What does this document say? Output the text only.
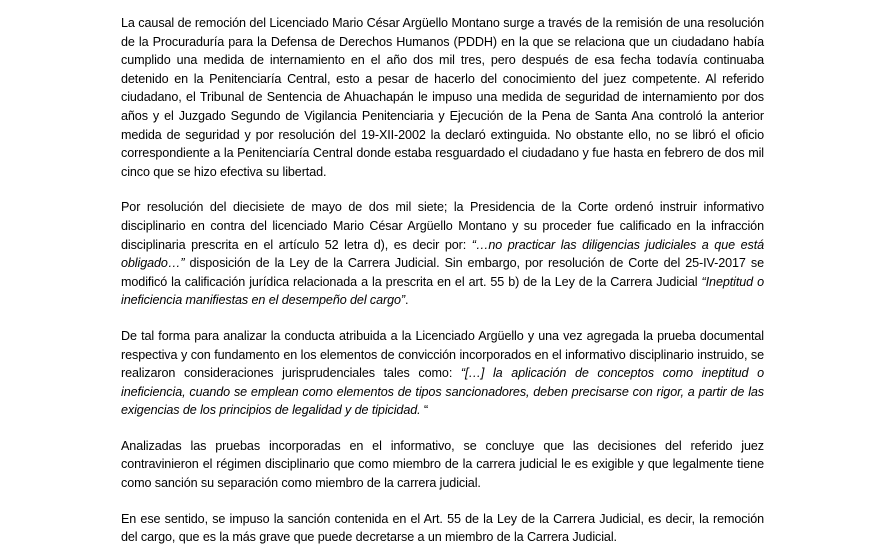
La causal de remoción del Licenciado Mario César Argüello Montano surge a través de la remisión de una resolución de la Procuraduría para la Defensa de Derechos Humanos (PDDH) en la que se relaciona que un ciudadano había cumplido una medida de internamiento en el año dos mil tres, pero después de esa fecha todavía continuaba detenido en la Penitenciaría Central, esto a pesar de hacerlo del conocimiento del juez competente. Al referido ciudadano, el Tribunal de Sentencia de Ahuachapán le impuso una medida de seguridad de internamiento por dos años y el Juzgado Segundo de Vigilancia Penitenciaria y Ejecución de la Pena de Santa Ana controló la anterior medida de seguridad y por resolución del 19-XII-2002 la declaró extinguida. No obstante ello, no se libró el oficio correspondiente a la Penitenciaría Central donde estaba resguardado el ciudadano y fue hasta en febrero de dos mil cinco que se hizo efectiva su libertad.

Por resolución del diecisiete de mayo de dos mil siete; la Presidencia de la Corte ordenó instruir informativo disciplinario en contra del licenciado Mario César Argüello Montano y su proceder fue calificado en la infracción disciplinaria prescrita en el artículo 52 letra d), es decir por: “…no practicar las diligencias judiciales a que está obligado…” disposición de la Ley de la Carrera Judicial. Sin embargo, por resolución de Corte del 25-IV-2017 se modificó la calificación jurídica relacionada a la prescrita en el art. 55 b) de la Ley de la Carrera Judicial “Ineptitud o ineficiencia manifiestas en el desempeño del cargo”.

De tal forma para analizar la conducta atribuida a la Licenciado Argüello y una vez agregada la prueba documental respectiva y con fundamento en los elementos de convicción incorporados en el informativo disciplinario instruido, se realizaron consideraciones jurisprudenciales tales como: “[…] la aplicación de conceptos como ineptitud o ineficiencia, cuando se emplean como elementos de tipos sancionadores, deben precisarse con rigor, a partir de las exigencias de los principios de legalidad y de tipicidad. “

Analizadas las pruebas incorporadas en el informativo, se concluye que las decisiones del referido juez contravinieron el régimen disciplinario que como miembro de la carrera judicial le es exigible y que legalmente tiene como sanción su separación como miembro de la carrera judicial.

En ese sentido, se impuso la sanción contenida en el Art. 55 de la Ley de la Carrera Judicial, es decir, la remoción del cargo, que es la más grave que puede decretarse a un miembro de la Carrera Judicial.
